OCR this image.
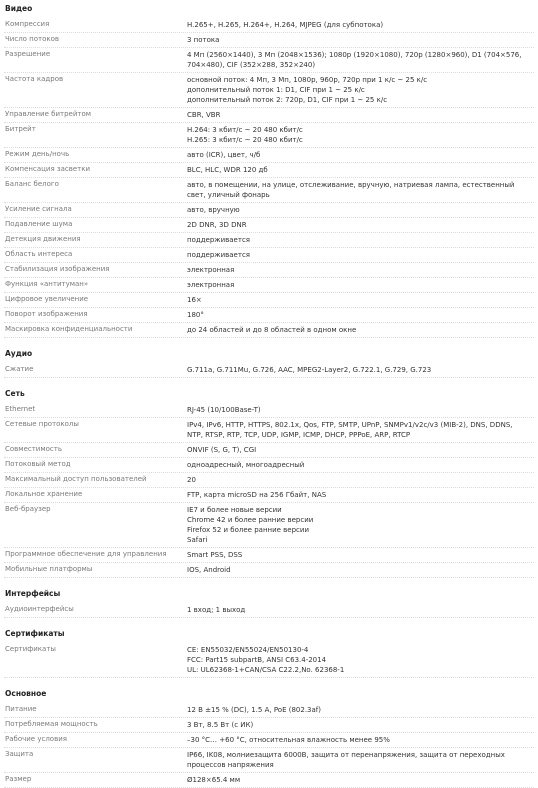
Видео
Компрессия	H.265+, H.265, H.264+, H.264, MJPEG (для субпотока)
Число потоков	3 потока
Разрешение	4 Мп (2560×1440), 3 Мп (2048×1536); 1080p (1920×1080), 720p (1280×960), D1 (704×576, 704×480), CIF (352×288, 352×240)
Частота кадров	основной поток: 4 Мп, 3 Мп, 1080p, 960p, 720p при 1 к/с ~ 25 к/с
дополнительный поток 1: D1, CIF при 1 ~ 25 к/с
дополнительный поток 2: 720p, D1, CIF при 1 ~ 25 к/с
Управление битрейтом	CBR, VBR
Битрейт	H.264: 3 кбит/с ~ 20 480 кбит/с
H.265: 3 кбит/с ~ 20 480 кбит/с
Режим день/ночь	авто (ICR), цвет, ч/б
Компенсация засветки	BLC, HLC, WDR 120 дб
Баланс белого	авто, в помещении, на улице, отслеживание, вручную, натриевая лампа, естественный свет, уличный фонарь
Усиление сигнала	авто, вручную
Подавление шума	2D DNR, 3D DNR
Детекция движения	поддерживается
Область интереса	поддерживается
Стабилизация изображения	электронная
Функция «антитуман»	электронная
Цифровое увеличение	16×
Поворот изображения	180°
Маскировка конфиденциальности	до 24 областей и до 8 областей в одном окне
Аудио
Сжатие	G.711a, G.711Mu, G.726, AAC, MPEG2-Layer2, G.722.1, G.729, G.723
Сеть
Ethernet	RJ-45 (10/100Base-T)
Сетевые протоколы	IPv4, IPv6, HTTP, HTTPS, 802.1x, Qos, FTP, SMTP, UPnP, SNMPv1/v2c/v3 (MIB-2), DNS, DDNS, NTP, RTSP, RTP, TCP, UDP, IGMP, ICMP, DHCP, PPPoE, ARP, RTCP
Совместимость	ONVIF (S, G, T), CGI
Потоковый метод	одноадресный, многоадресный
Максимальный доступ пользователей	20
Локальное хранение	FTP, карта microSD на 256 Гбайт, NAS
Веб-браузер	IE7 и более новые версии
Chrome 42 и более ранние версии
Firefox 52 и более ранние версии
Safari
Программное обеспечение для управления	Smart PSS, DSS
Мобильные платформы	IOS, Android
Интерфейсы
Аудиоинтерфейсы	1 вход; 1 выход
Сертификаты
Сертификаты	CE: EN55032/EN55024/EN50130-4
FCC: Part15 subpartB, ANSI C63.4-2014
UL: UL62368-1+CAN/CSA C22.2,No. 62368-1
Основное
Питание	12 В ±15 % (DC), 1.5 A, PoE (802.3af)
Потребляемая мощность	3 Вт, 8.5 Вт (с ИК)
Рабочие условия	–30 °C… +60 °C, относительная влажность менее 95%
Защита	IP66, IK08, молниезащита 6000В, защита от перенапряжения, защита от переходных процессов напряжения
Размер	Ø128×65.4 мм
